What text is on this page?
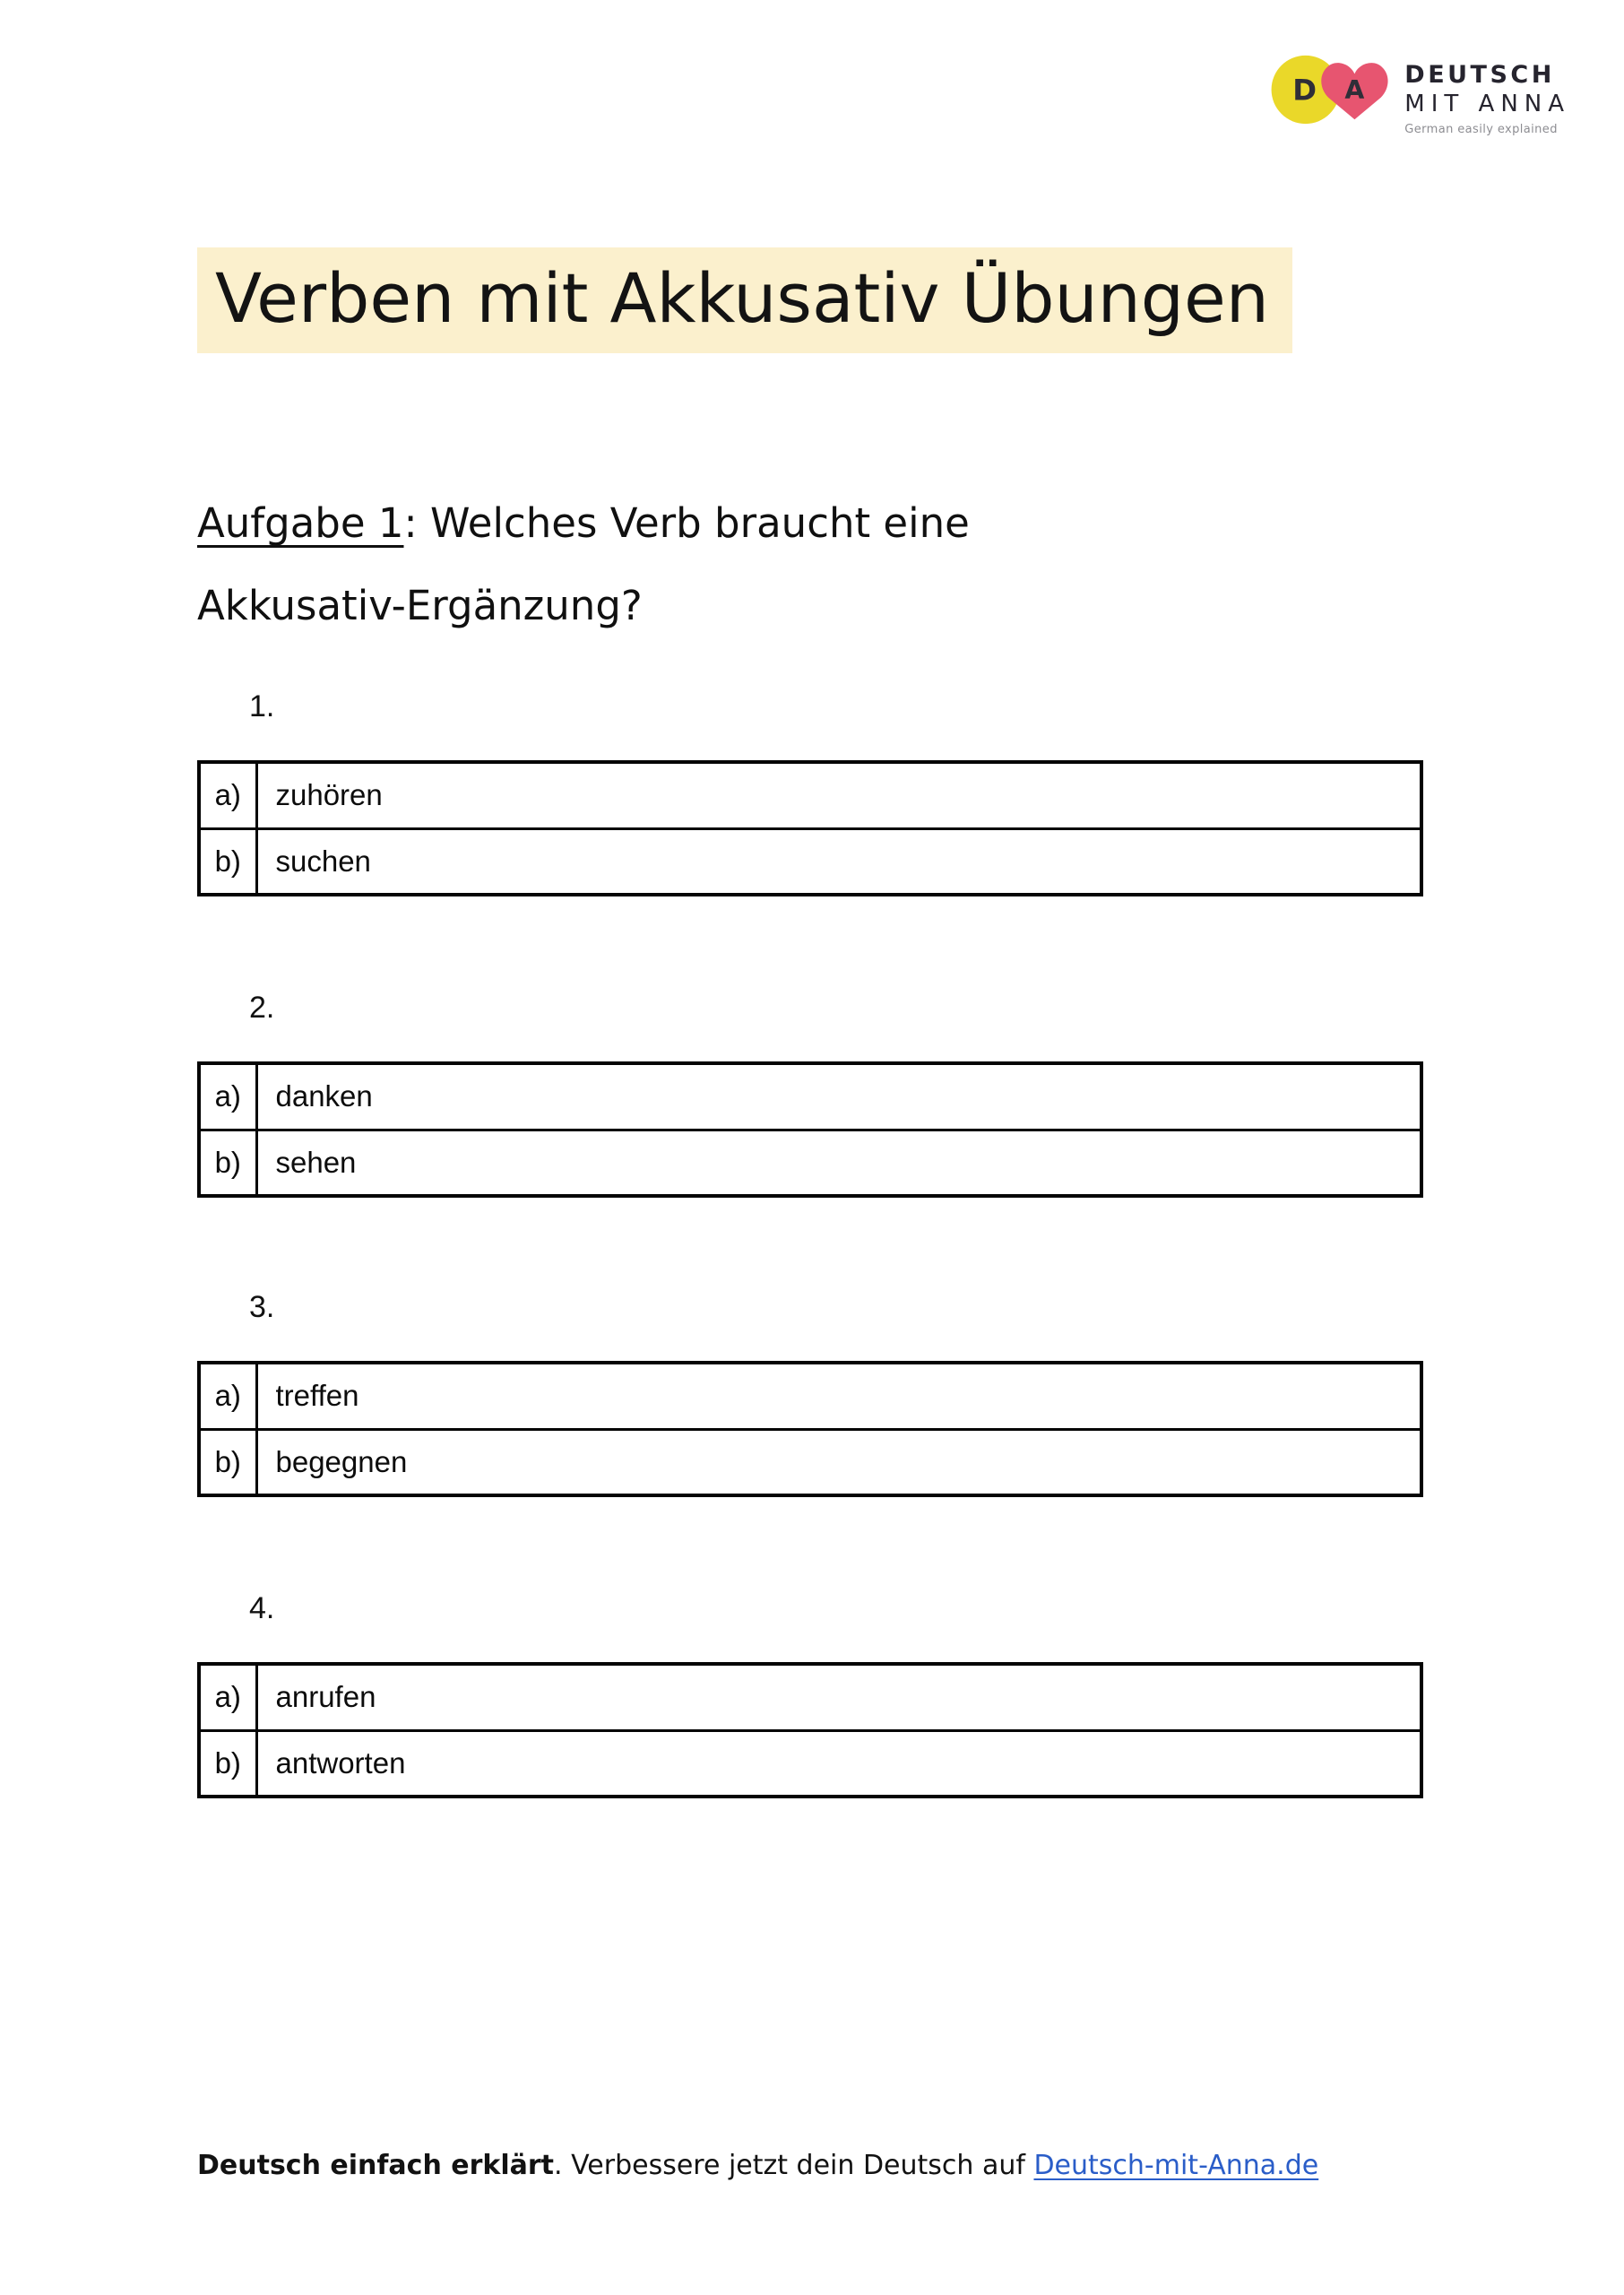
D A
DEUTSCH
MIT ANNA
German easily explained
Verben mit Akkusativ Übungen
Aufgabe 1: Welches Verb braucht eine Akkusativ-Ergänzung?
1.
a)	zuhören
b)	suchen
2.
a)	danken
b)	sehen
3.
a)	treffen
b)	begegnen
4.
a)	anrufen
b)	antworten
Deutsch einfach erklärt. Verbessere jetzt dein Deutsch auf Deutsch-mit-Anna.de
